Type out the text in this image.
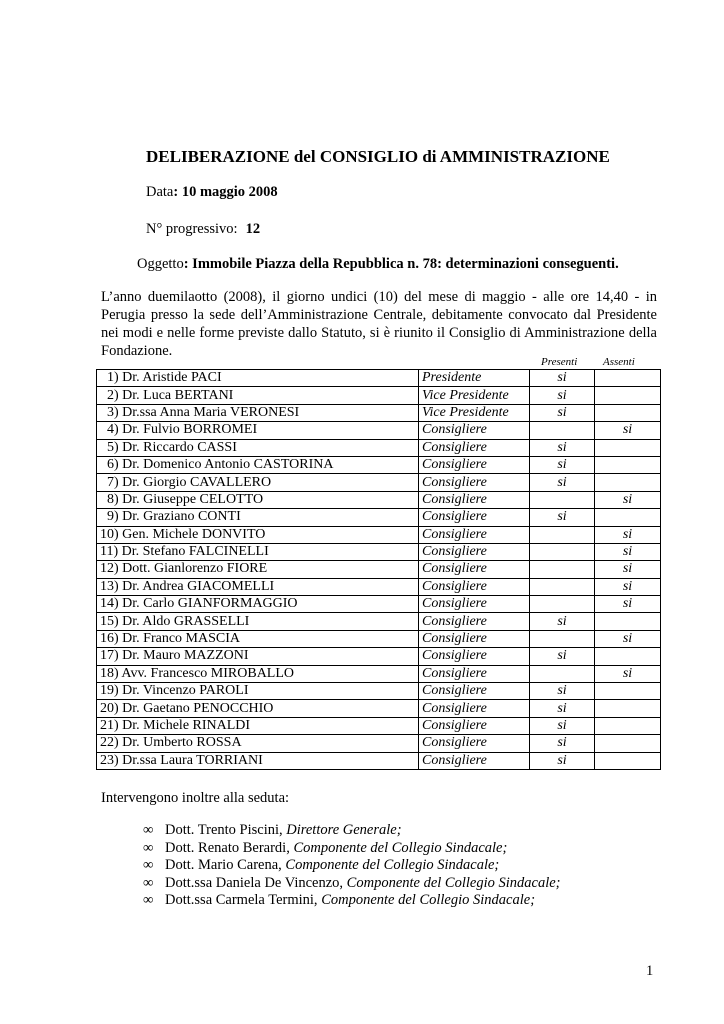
DELIBERAZIONE del CONSIGLIO di AMMINISTRAZIONE
Data: 10 maggio 2008
N° progressivo: 12
Oggetto: Immobile Piazza della Repubblica n. 78: determinazioni conseguenti.
L’anno duemilaotto (2008), il giorno undici (10) del mese di maggio - alle ore 14,40 - in Perugia presso la sede dell’Amministrazione Centrale, debitamente convocato dal Presidente nei modi e nelle forme previste dallo Statuto, si è riunito il Consiglio di Amministrazione della Fondazione.
Presenti Assenti
1) Dr. Aristide PACI	Presidente	si	
2) Dr. Luca BERTANI	Vice Presidente	si	
3) Dr.ssa Anna Maria VERONESI	Vice Presidente	si	
4) Dr. Fulvio BORROMEI	Consigliere		si
5) Dr. Riccardo CASSI	Consigliere	si	
6) Dr. Domenico Antonio CASTORINA	Consigliere	si	
7) Dr. Giorgio CAVALLERO	Consigliere	si	
8) Dr. Giuseppe CELOTTO	Consigliere		si
9) Dr. Graziano CONTI	Consigliere	si	
10) Gen. Michele DONVITO	Consigliere		si
11) Dr. Stefano FALCINELLI	Consigliere		si
12) Dott. Gianlorenzo FIORE	Consigliere		si
13) Dr. Andrea GIACOMELLI	Consigliere		si
14) Dr. Carlo GIANFORMAGGIO	Consigliere		si
15) Dr. Aldo GRASSELLI	Consigliere	si	
16) Dr. Franco MASCIA	Consigliere		si
17) Dr. Mauro MAZZONI	Consigliere	si	
18) Avv. Francesco MIROBALLO	Consigliere		si
19) Dr. Vincenzo PAROLI	Consigliere	si	
20) Dr. Gaetano PENOCCHIO	Consigliere	si	
21) Dr. Michele RINALDI	Consigliere	si	
22) Dr. Umberto ROSSA	Consigliere	si	
23) Dr.ssa Laura TORRIANI	Consigliere	si	
Intervengono inoltre alla seduta:
∞ Dott. Trento Piscini, Direttore Generale;
∞ Dott. Renato Berardi, Componente del Collegio Sindacale;
∞ Dott. Mario Carena, Componente del Collegio Sindacale;
∞ Dott.ssa Daniela De Vincenzo, Componente del Collegio Sindacale;
∞ Dott.ssa Carmela Termini, Componente del Collegio Sindacale;
1
